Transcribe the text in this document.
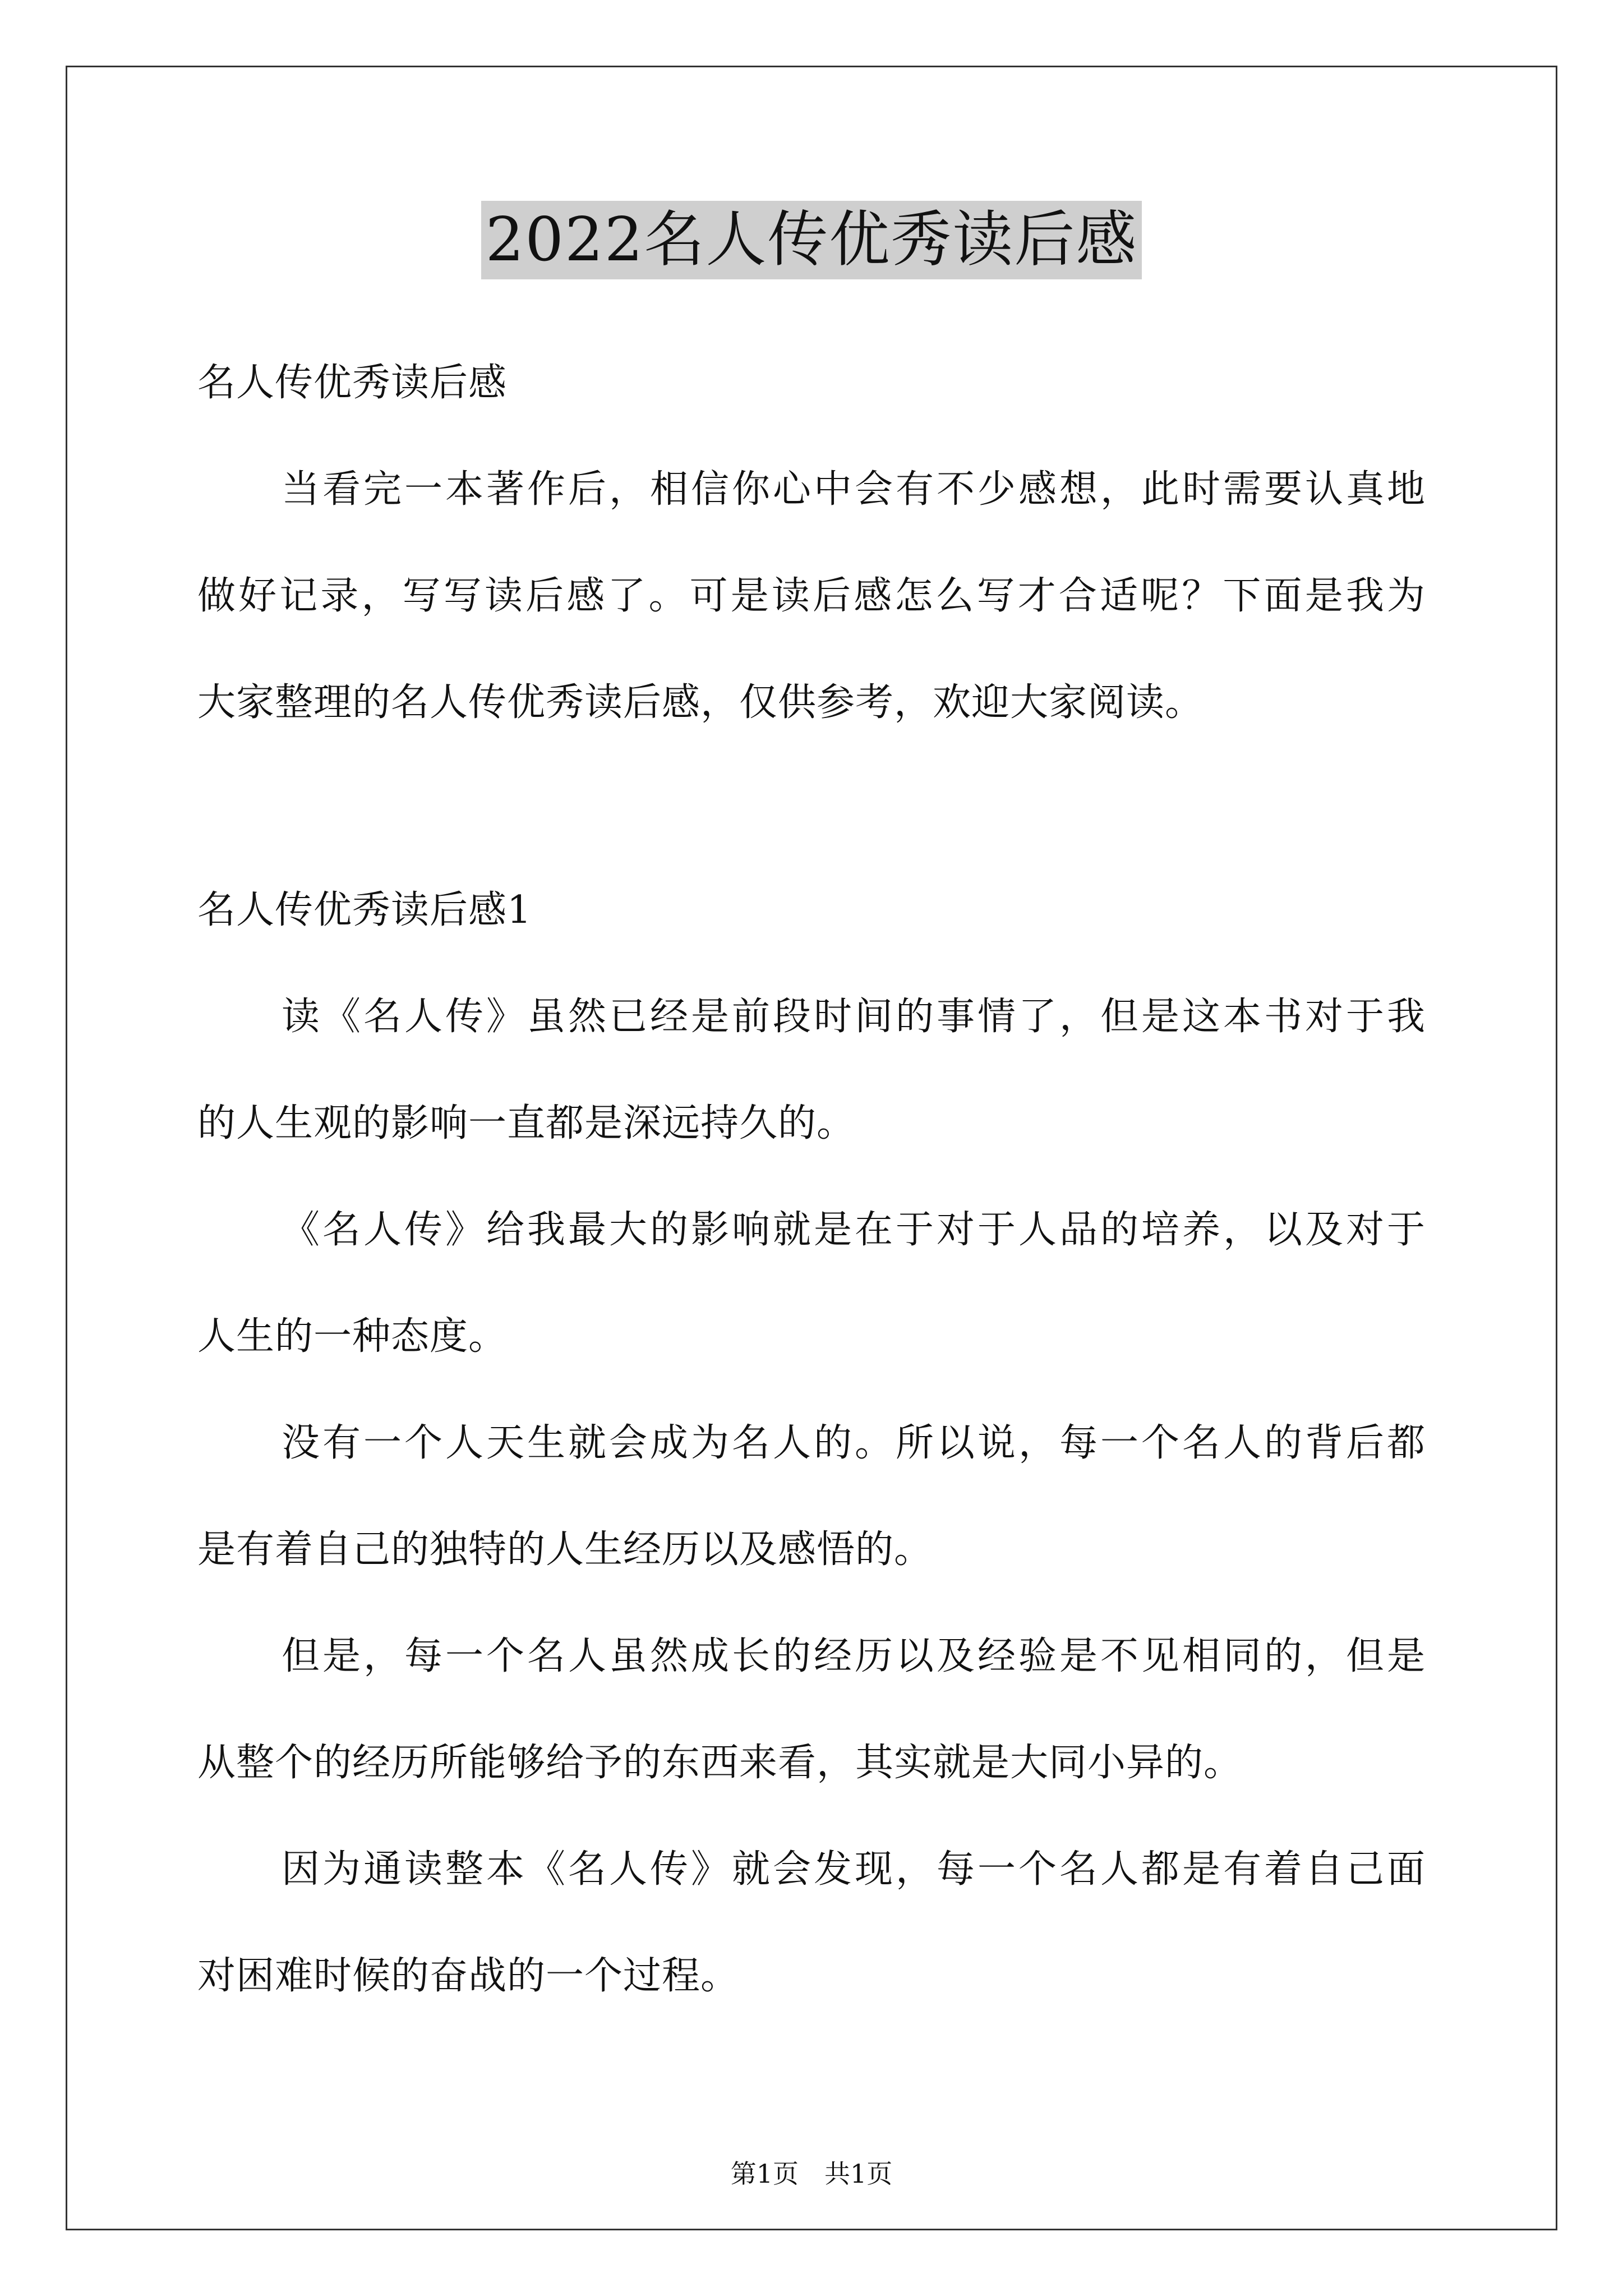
2022名人传优秀读后感
名人传优秀读后感
当看完一本著作后，相信你心中会有不少感想，此时需要认真地
做好记录，写写读后感了。可是读后感怎么写才合适呢？下面是我为
大家整理的名人传优秀读后感，仅供参考，欢迎大家阅读。
名人传优秀读后感1
读《名人传》虽然已经是前段时间的事情了，但是这本书对于我
的人生观的影响一直都是深远持久的。
《名人传》给我最大的影响就是在于对于人品的培养，以及对于
人生的一种态度。
没有一个人天生就会成为名人的。所以说，每一个名人的背后都
是有着自己的独特的人生经历以及感悟的。
但是，每一个名人虽然成长的经历以及经验是不见相同的，但是
从整个的经历所能够给予的东西来看，其实就是大同小异的。
因为通读整本《名人传》就会发现，每一个名人都是有着自己面
对困难时候的奋战的一个过程。
第1页 共1页
